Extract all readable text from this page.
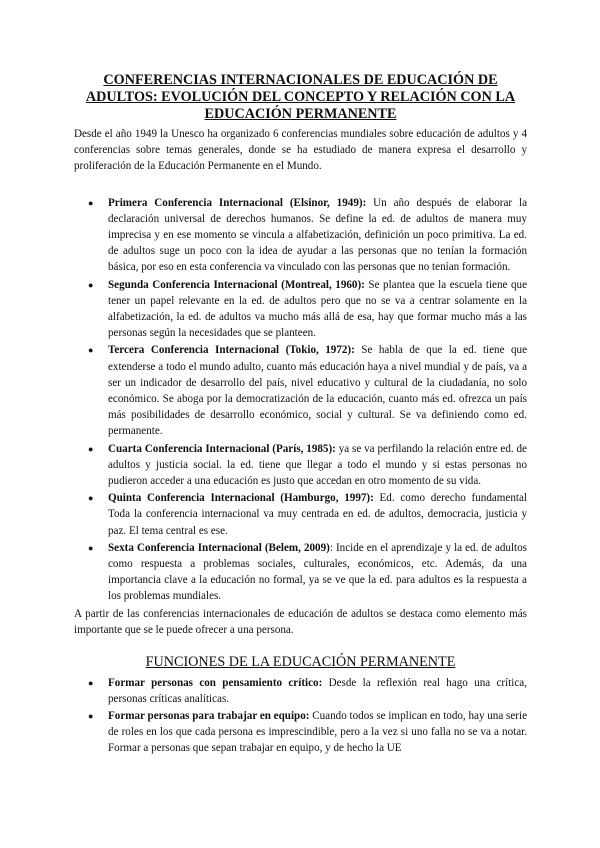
CONFERENCIAS INTERNACIONALES DE EDUCACIÓN DE ADULTOS: EVOLUCIÓN DEL CONCEPTO Y RELACIÓN CON LA EDUCACIÓN PERMANENTE

Desde el año 1949 la Unesco ha organizado 6 conferencias mundiales sobre educación de adultos y 4 conferencias sobre temas generales, donde se ha estudiado de manera expresa el desarrollo y proliferación de la Educación Permanente en el Mundo.

● Primera Conferencia Internacional (Elsinor, 1949): Un año después de elaborar la declaración universal de derechos humanos. Se define la ed. de adultos de manera muy imprecisa y en ese momento se vincula a alfabetización, definición un poco primitiva. La ed. de adultos suge un poco con la idea de ayudar a las personas que no tenían la formación básica, por eso en esta conferencia va vinculado con las personas que no tenían formación.
● Segunda Conferencia Internacional (Montreal, 1960): Se plantea que la escuela tiene que tener un papel relevante en la ed. de adultos pero que no se va a centrar solamente en la alfabetización, la ed. de adultos va mucho más allá de esa, hay que formar mucho más a las personas según la necesidades que se planteen.
● Tercera Conferencia Internacional (Tokio, 1972): Se habla de que la ed. tiene que extenderse a todo el mundo adulto, cuanto más educación haya a nivel mundial y de país, va a ser un indicador de desarrollo del país, nivel educativo y cultural de la ciudadanía, no solo económico. Se aboga por la democratización de la educación, cuanto más ed. ofrezca un país más posibilidades de desarrollo económico, social y cultural. Se va definiendo como ed. permanente.
● Cuarta Conferencia Internacional (París, 1985): ya se va perfilando la relación entre ed. de adultos y justicia social. la ed. tiene que llegar a todo el mundo y si estas personas no pudieron acceder a una educación es justo que accedan en otro momento de su vida.
● Quinta Conferencia Internacional (Hamburgo, 1997): Ed. como derecho fundamental Toda la conferencia internacional va muy centrada en ed. de adultos, democracia, justicia y paz. El tema central es ese.
● Sexta Conferencia Internacional (Belem, 2009): Incide en el aprendizaje y la ed. de adultos como respuesta a problemas sociales, culturales, económicos, etc. Además, da una importancia clave a la educación no formal, ya se ve que la ed. para adultos es la respuesta a los problemas mundiales.

A partir de las conferencias internacionales de educación de adultos se destaca como elemento más importante que se le puede ofrecer a una persona.

FUNCIONES DE LA EDUCACIÓN PERMANENTE
● Formar personas con pensamiento crítico: Desde la reflexión real hago una crítica, personas críticas analíticas.
● Formar personas para trabajar en equipo: Cuando todos se implican en todo, hay una serie de roles en los que cada persona es imprescindible, pero a la vez si uno falla no se va a notar. Formar a personas que sepan trabajar en equipo, y de hecho la UE
